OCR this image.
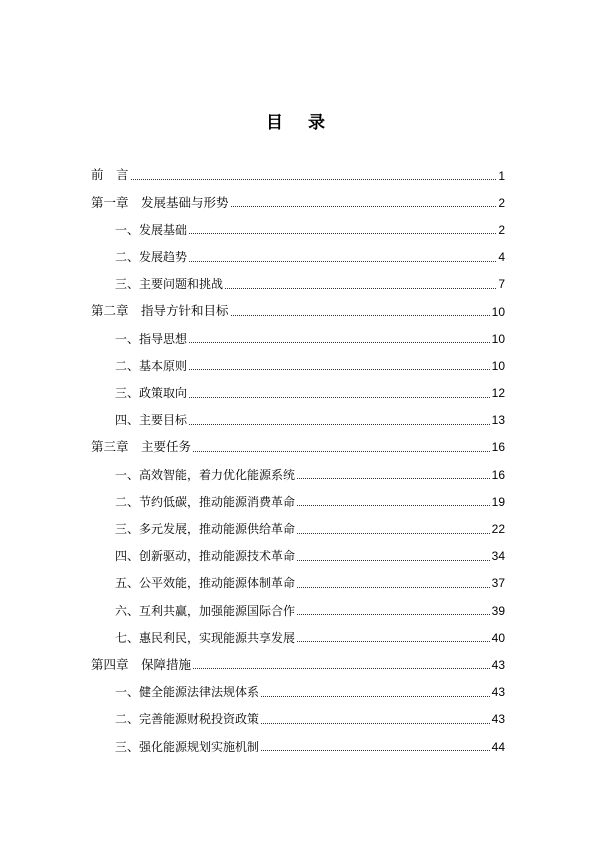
目　录
前　言	1
第一章　发展基础与形势	2
一、发展基础	2
二、发展趋势	4
三、主要问题和挑战	7
第二章　指导方针和目标	10
一、指导思想	10
二、基本原则	10
三、政策取向	12
四、主要目标	13
第三章　主要任务	16
一、高效智能，着力优化能源系统	16
二、节约低碳，推动能源消费革命	19
三、多元发展，推动能源供给革命	22
四、创新驱动，推动能源技术革命	34
五、公平效能，推动能源体制革命	37
六、互利共赢，加强能源国际合作	39
七、惠民利民，实现能源共享发展	40
第四章　保障措施	43
一、健全能源法律法规体系	43
二、完善能源财税投资政策	43
三、强化能源规划实施机制	44
